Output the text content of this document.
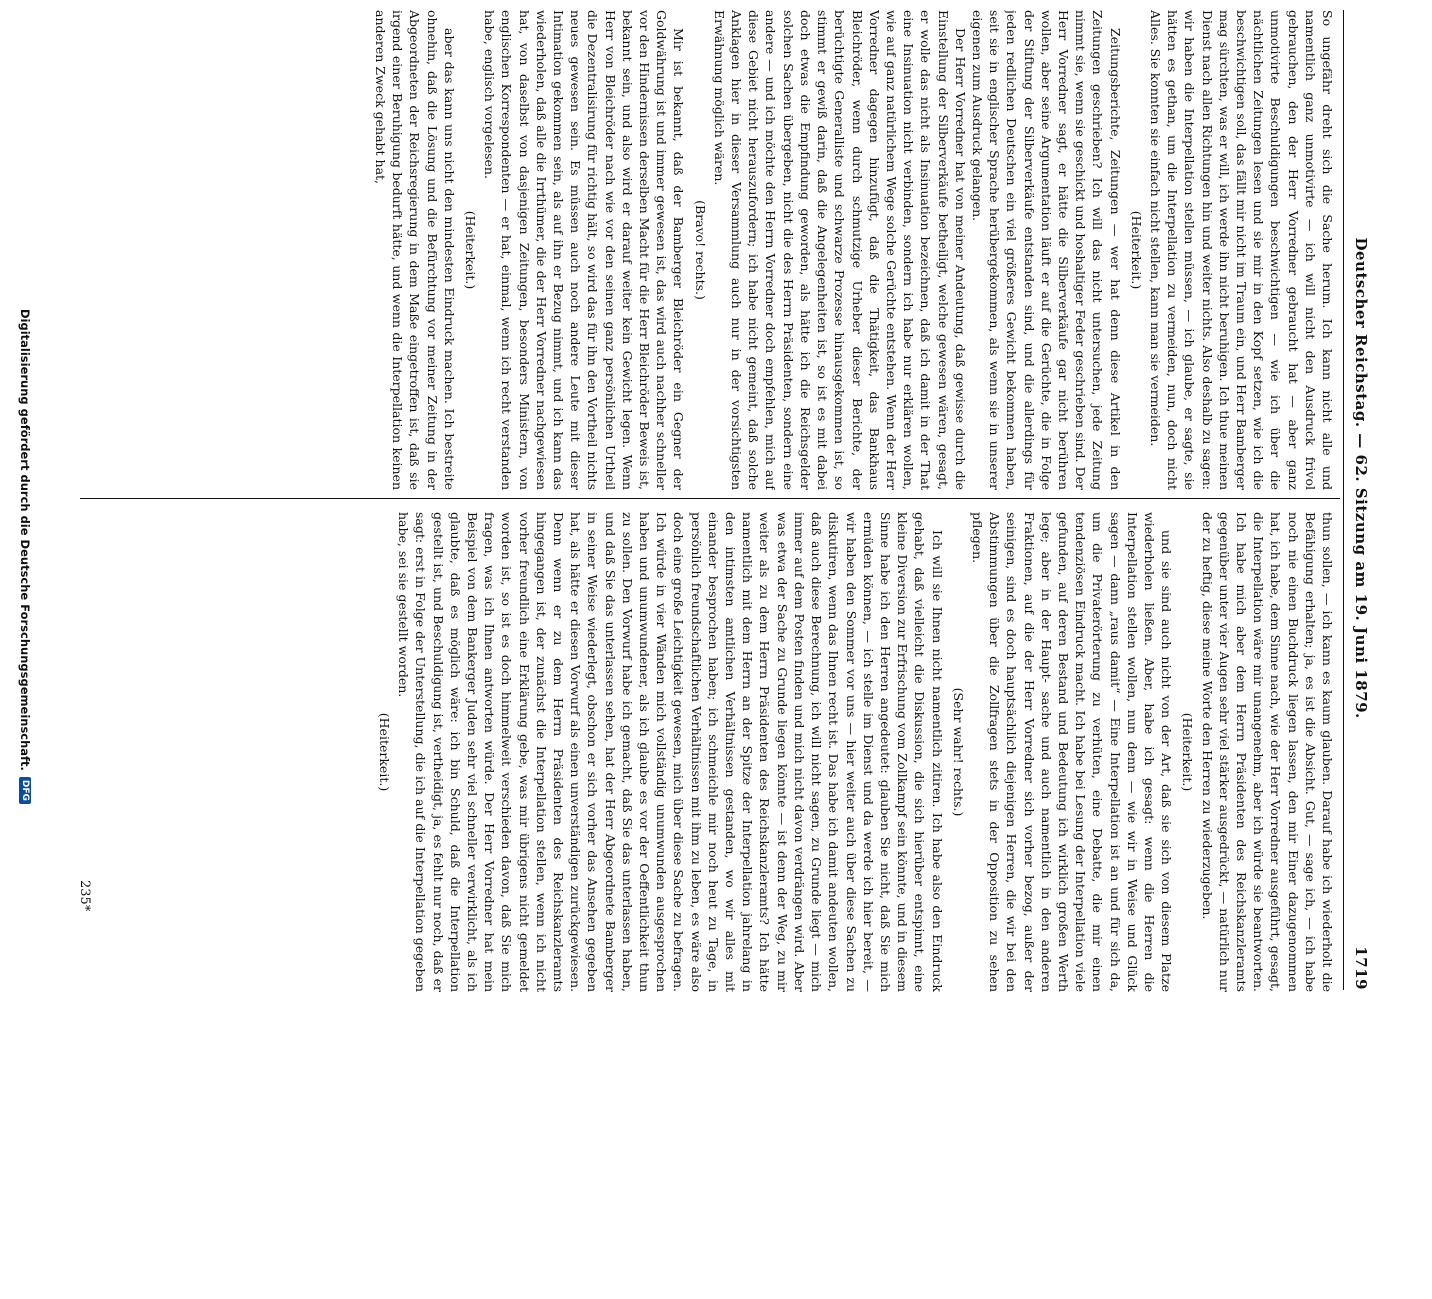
Deutscher Reichstag. — 62. Sitzung am 19. Juni 1879.
1719

So ungefähr dreht sich die Sache herum. Ich kann nicht alle und namentlich ganz unmotivirte — ich will nicht den Ausdruck frivol gebrauchen, den der Herr Vorredner gebraucht hat — aber ganz unmotivirte Beschuldigungen beschwichtigen — wie ich über die nächtlichen Zeitungen lesen und sie mir in den Kopf setzen, wie ich die beschwichtigen soll, das fällt mir nicht im Traum ein, und Herr Bamberger mag sürchten, was er will, ich werde ihn nicht beruhigen. Ich thue meinen Dienst nach allen Richtungen hin und weiter nichts. Also deshalb zu sagen: wir haben die Interpellation stellen müssen, — ich glaube, er sagte, sie hätten es gethan, um die Interpellation zu vermeiden, nun, doch nicht Alles. Sie konnten sie einfach nicht stellen, kann man sie vermeiden.

(Heiterkeit.)

Zeitungsberichte, Zeitungen — wer hat denn diese Artikel in den Zeitungen geschrieben? Ich will das nicht untersuchen, jede Zeitung nimmt sie, wenn sie geschickt und hoshaltiger Feder geschrieben sind. Der Herr Vorredner sagt, er hätte die Silberverkäufe gar nicht berühren wollen, aber seine Argumentation läuft er auf die Gerüchte, die in Folge der Stiftung der Silberverkäufe entstanden sind, und die allerdings für jeden redlichen Deutschen ein viel größeres Gewicht bekommen haben, seit sie in englischer Sprache herübergekommen, als wenn sie in unserer eigenen zum Ausdruck gelangen.

Der Herr Vorredner hat von meiner Andeutung, daß gewisse durch die Einstellung der Silberverkäufe betheiligt, welche gewesen wären, gesagt, er wolle das nicht als Insinuation bezeichnen, daß ich damit in der That eine Insinuation nicht verbinden, sondern ich habe nur erklären wollen, wie auf ganz natürlichem Wege solche Gerüchte entstehen. Wenn der Herr Vorredner dagegen hinzufügt, daß die Thätigkeit, das Bankhaus Bleichröder, wenn durch schmutzige Urheber dieser Berichte, der berüchtigte Generalliste und schwarze Prozesse hinausgekommen ist, so stimmt er gewiß darin, daß die Angelegenheiten ist, so ist es mit dabei doch etwas die Empfindung geworden, als hätte ich die Reichsgelder solchen Sachen übergeben, nicht die des Herrn Präsidenten, sondern eine andere — und ich möchte den Herrn Vorredner doch empfehlen, mich auf diese Gebiet nicht herauszufordern; ich habe nicht gemeint, daß solche Anklagen hier in dieser Versammlung auch nur in der vorsichtigsten Erwähnung möglich wären.

(Bravo! rechts.)

Mir ist bekannt, daß der Bamberger Bleichröder ein Gegner der Goldwährung ist und immer gewesen ist, das wird auch nachher schneller vor den Hindernissen derselben Macht für die Herr Bleichröder Beweis ist, bekannt sein, und also wird er darauf weiter kein Gewicht legen. Wenn Herr von Bleichröder nach wie vor den seinen ganz persönlichen Urtheil die Dezentralisirung für richtig hält, so wird das für ihn den Vortheil nichts neues gewesen sein. Es müssen auch noch andere Leute mit dieser Intimation gekommen sein, als auf ihn er Bezug nimmt, und ich kann das wiederholen, daß alle die Irrthümer, die der Herr Vorredner nachgewiesen hat, von daselbst von dasjenigen Zeitungen, besonders Ministern, von englischen Korrespondenten — er hat, einmal, wenn ich recht verstanden habe, englisch vorgelesen.

(Heiterkeit.)

aber das kann uns nicht den mindesten Eindruck machen. Ich bestreite ohnehin, daß die Lösung und die Befürchtung vor meiner Zeitung in der Abgeordneten der Reichsregierung in dem Maße eingetroffen ist, daß sie irgend einer Beruhigung bedurft hätte, und wenn die Interpellation keinen anderen Zweck gehabt hat,

thun sollen, — ich kann es kaum glauben. Darauf habe ich wiederholt die Befähigung erhalten; ja, es ist die Absicht. Gut, — sage ich, — ich habe noch nie einen Buchdruck liegen lassen, den mir Einer dazugenommen hat, ich habe, dem Sinne nach, wie der Herr Vorredner ausgeführt, gesagt, die Interpellation wäre mir unangenehm, aber ich würde sie beantworten. Ich habe mich aber dem Herrn Präsidenten des Reichskanzleramts gegenüber unter vier Augen sehr viel stärker ausgedrückt, — natürlich nur der zu heftig, diese meine Worte den Herren zu wiederzugeben.

(Heiterkeit.)

und sie sind auch nicht von der Art, daß sie sich von diesem Platze wiederholen ließen. Aber, habe ich gesagt: wenn die Herren die Interpellation stellen wollen, nun denn — wie wir in Weise und Glück sagen — dann „raus damit“ — Eine Interpellation ist an und für sich da, um die Privaterörterung zu verhüten, eine Debatte, die mir einen tendenziösen Eindruck macht. Ich habe bei Lesung der Interpellation viele gefunden, auf deren Bestand und Bedeutung ich wirklich großen Werth lege; aber in der Haupt- sache und auch namentlich in den anderen Fraktionen, auf die der Herr Vorredner sich vorher bezog, außer der seinigen, sind es doch hauptsächlich diejenigen Herren, die wir bei den Abstimmungen über die Zollfragen stets in der Opposition zu sehen pflegen.

(Sehr wahr! rechts.)

Ich will sie Ihnen nicht namentlich zitiren. Ich habe also den Eindruck gehabt, daß vielleicht die Diskussion, die sich hierüber entspinnt, eine kleine Diversion zur Erfrischung vom Zollkampf sein könnte, und in diesem Sinne habe ich den Herren angedeutet: glauben Sie nicht, daß Sie mich ermüden können, — ich stelle im Dienst und da werde ich hier bereit, — wir haben den Sommer vor uns — hier weiter auch über diese Sachen zu diskutiren, wenn das Ihnen recht ist. Das habe ich damit andeuten wollen, daß auch diese Berechnung, ich will nicht sagen, zu Grunde liegt — mich immer auf dem Posten finden und mich nicht davon verdrängen wird. Aber was etwa der Sache zu Grunde liegen könnte — ist denn der Weg, zu mir weiter als zu dem Herrn Präsidenten des Reichskanzleramts? Ich hätte namentlich mit dem Herrn an der Spitze der Interpellation jahrelang in den intimsten amtlichen Verhältnissen gestanden, wo wir alles mit einander besprochen haben; ich schmeichle mir noch heut zu Tage, in persönlich freundschaftlichen Verhältnissen mit ihm zu leben, es wäre also doch eine große Leichtigkeit gewesen, mich über diese Sache zu befragen. Ich würde in vier Wänden mich vollständig unumwunden ausgesprochen haben und unumwundener, als ich glaube es vor der Oeffentlichkeit thun zu sollen. Den Vorwurf habe ich gemacht, daß Sie das unterlassen haben, und daß Sie das unterlassen sehen, hat der Herr Abgeordnete Bamberger in seiner Weise wiederlegt, obschon er sich vorher das Ansehen gegeben hat, als hätte er diesen Vorwurf als einen unverständigen zurückgewiesen. Denn wenn er zu dem Herrn Präsidenten des Reichskanzleramts hingegangen ist, der zunächst die Interpellation stellen, wenn ich nicht vorher freundlich eine Erklärung gebe, was mir übrigens nicht gemeldet worden ist, so ist es doch himmelweit verschieden davon, daß Sie mich fragen, was ich Ihnen antworten würde. Der Herr Vorredner hat mein Beispiel von dem Bankerger Juden sehr viel schneller verwirklicht, als ich glaubte, daß es möglich wäre: ich bin Schuld, daß die Interpellation gestellt ist, und Beschuldigung ist, vertheidigt, ja, es fehlt nur noch, daß er sagt: erst in Folge der Unterstellung, die ich auf die Interpellation gegeben habe, sei sie gestellt worden.

(Heiterkeit.)

235*
Digitalisierung gefördert durch die Deutsche Forschungsgemeinschaft.
DFG
